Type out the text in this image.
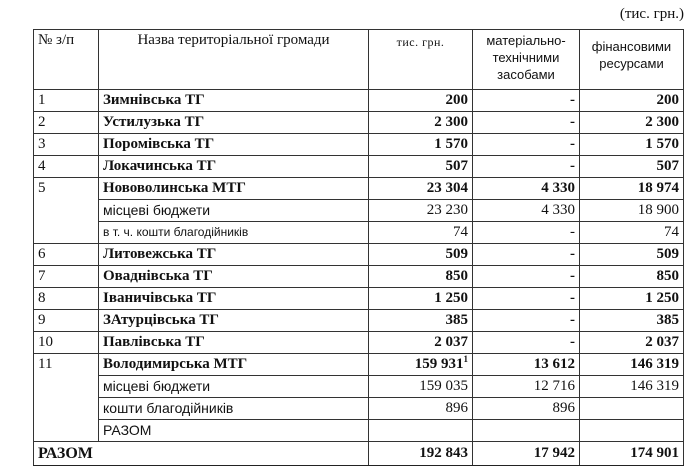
(тис. грн.)
№ з/п	Назва територіальної громади	тис. грн.	матеріально-технічними засобами	фінансовими ресурсами
1	Зимнівська ТГ	200	-	200
2	Устилузька ТГ	2 300	-	2 300
3	Поромівська ТГ	1 570	-	1 570
4	Локачинська ТГ	507	-	507
5	Нововолинська МТГ	23 304	4 330	18 974
	місцеві бюджети	23 230	4 330	18 900
	в т. ч. кошти благодійників	74	-	74
6	Литовежська ТГ	509	-	509
7	Оваднівська ТГ	850	-	850
8	Іваничівська ТГ	1 250	-	1 250
9	ЗАтурцівська ТГ	385	-	385
10	Павлівська ТГ	2 037	-	2 037
11	Володимирська МТГ	159 $931^1$	13 612	146 319
	місцеві бюджети	159 035	12 716	146 319
	кошти благодійників	896	896	
	РАЗОМ			
РАЗОМ		192 843	17 942	174 901
